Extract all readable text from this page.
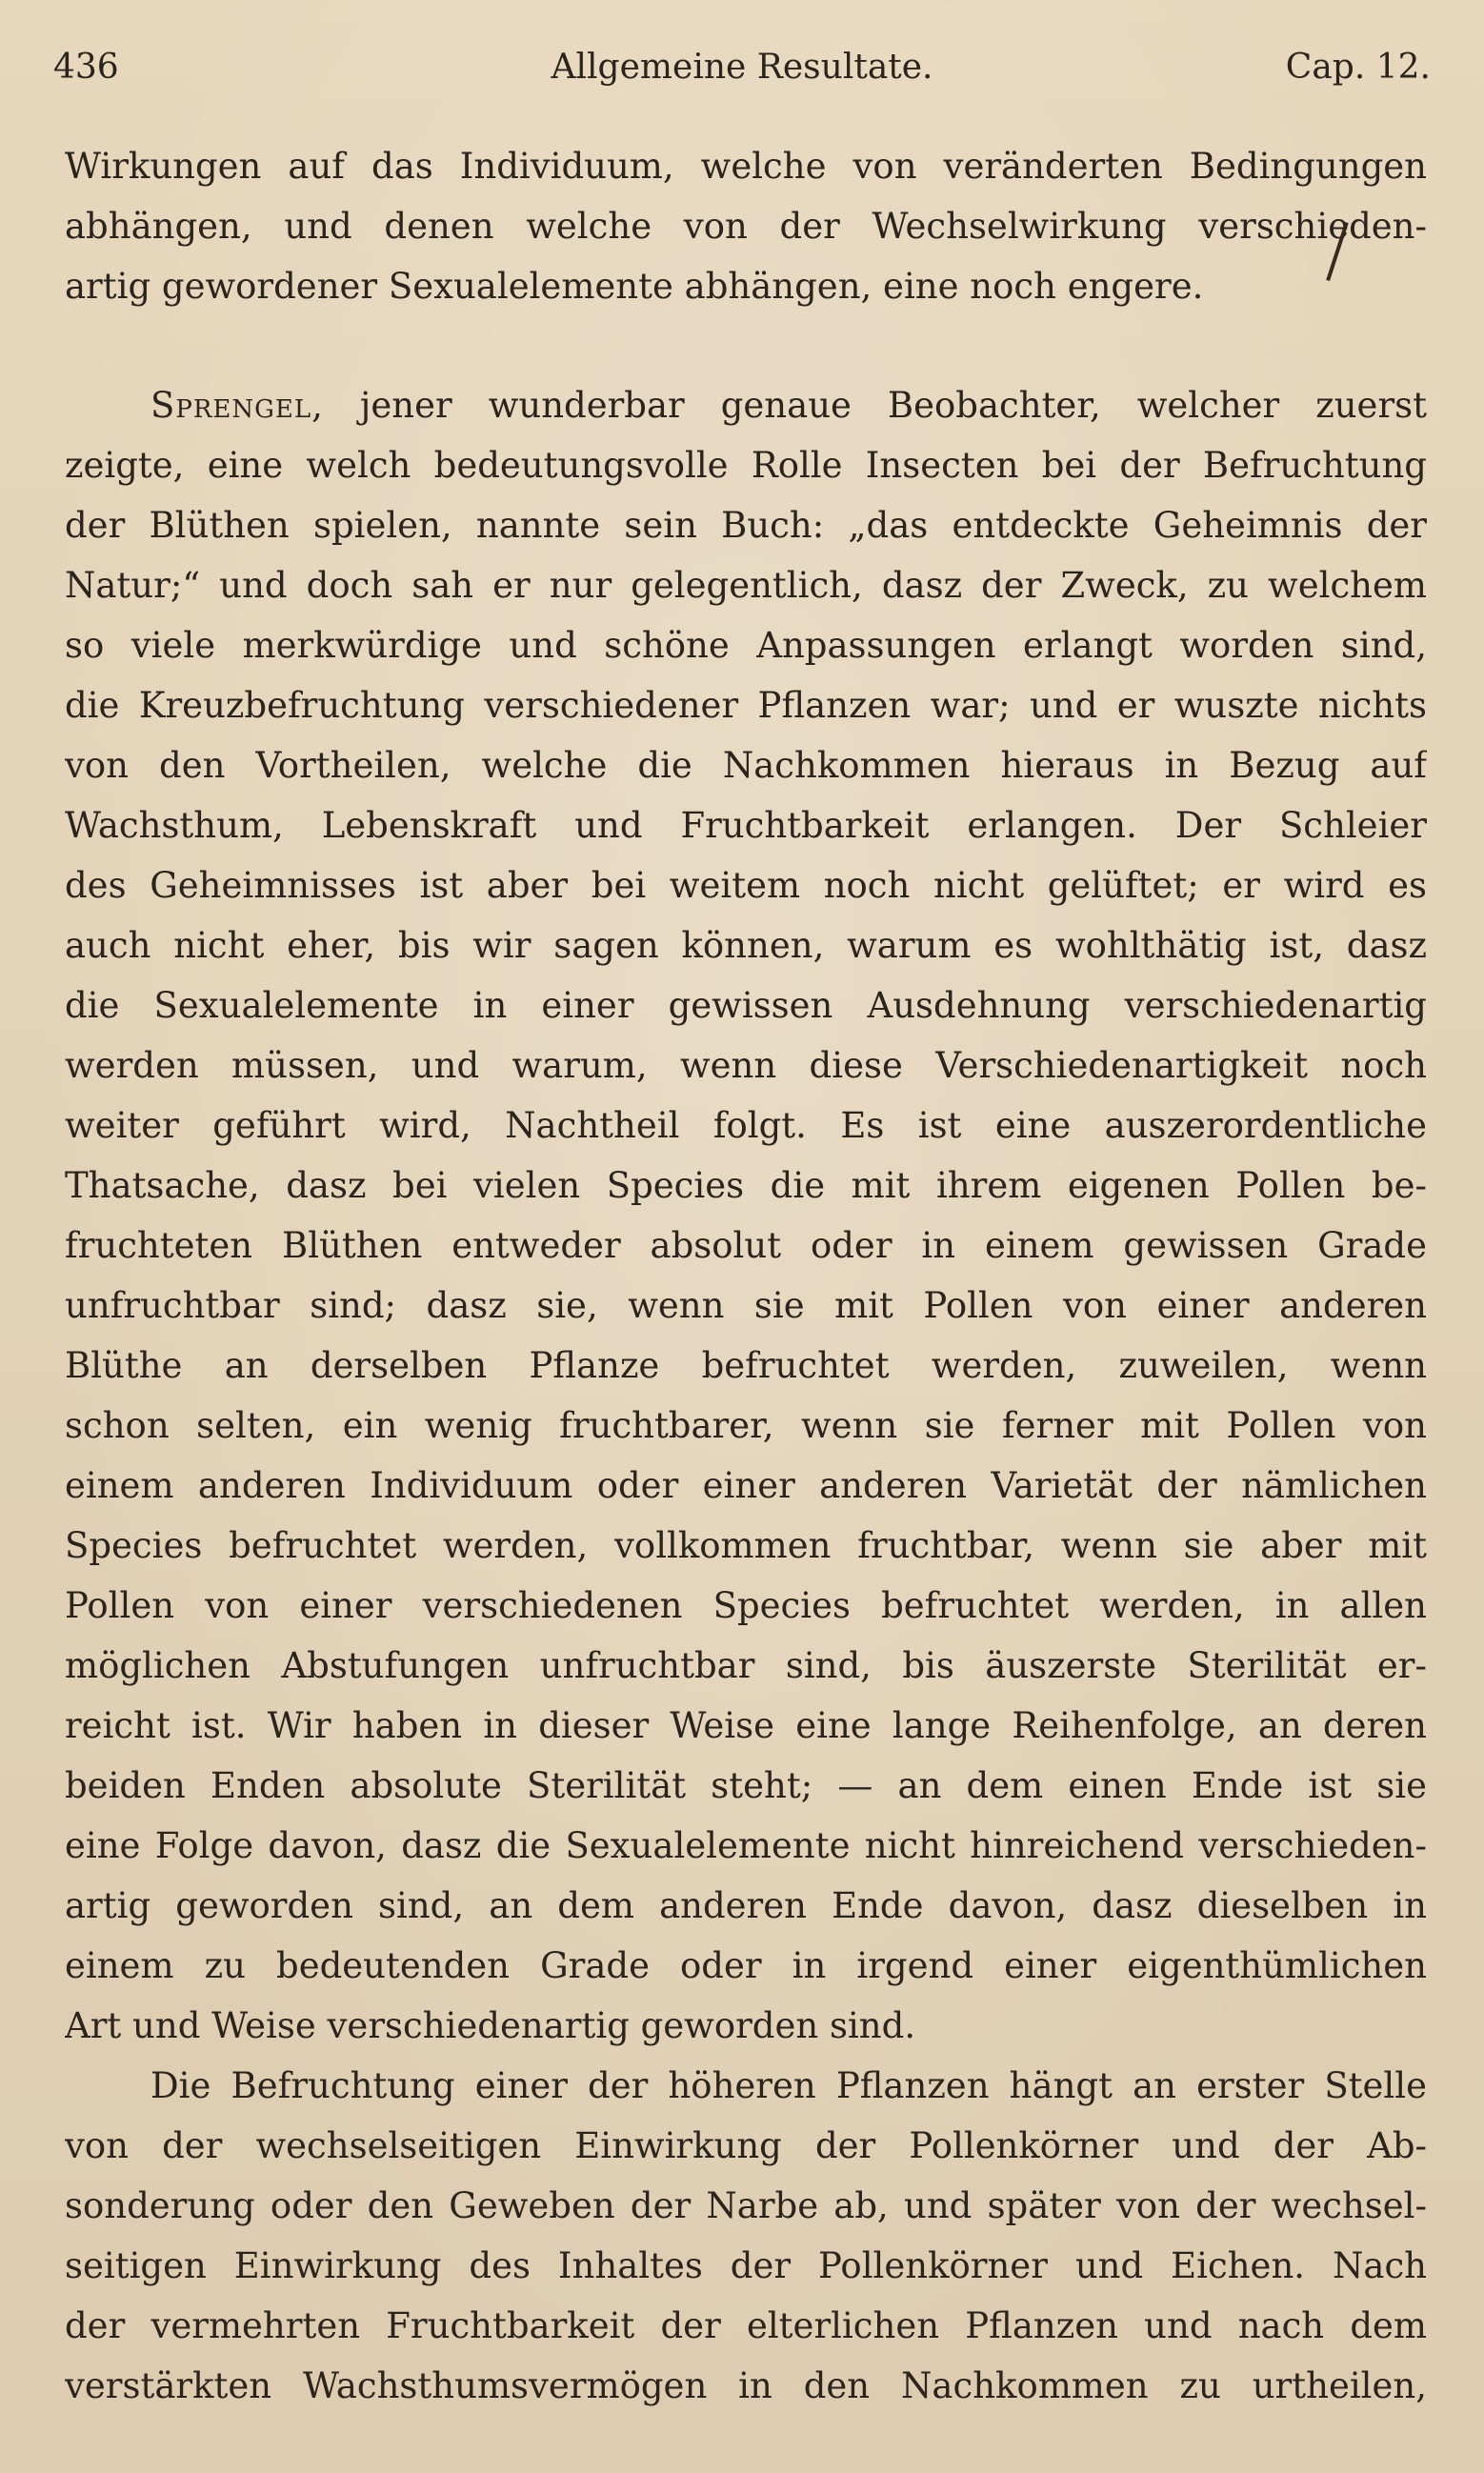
436	Allgemeine Resultate.	Cap. 12.
Wirkungen auf das Individuum, welche von veränderten Bedingungen
abhängen, und denen welche von der Wechselwirkung verschieden-
artig gewordener Sexualelemente abhängen, eine noch engere.
Sprengel, jener wunderbar genaue Beobachter, welcher zuerst
zeigte, eine welch bedeutungsvolle Rolle Insecten bei der Befruchtung
der Blüthen spielen, nannte sein Buch: „das entdeckte Geheimnis der
Natur;“ und doch sah er nur gelegentlich, dasz der Zweck, zu welchem
so viele merkwürdige und schöne Anpassungen erlangt worden sind,
die Kreuzbefruchtung verschiedener Pflanzen war; und er wuszte nichts
von den Vortheilen, welche die Nachkommen hieraus in Bezug auf
Wachsthum, Lebenskraft und Fruchtbarkeit erlangen. Der Schleier
des Geheimnisses ist aber bei weitem noch nicht gelüftet; er wird es
auch nicht eher, bis wir sagen können, warum es wohlthätig ist, dasz
die Sexualelemente in einer gewissen Ausdehnung verschiedenartig
werden müssen, und warum, wenn diese Verschiedenartigkeit noch
weiter geführt wird, Nachtheil folgt. Es ist eine auszerordentliche
Thatsache, dasz bei vielen Species die mit ihrem eigenen Pollen be-
fruchteten Blüthen entweder absolut oder in einem gewissen Grade
unfruchtbar sind; dasz sie, wenn sie mit Pollen von einer anderen
Blüthe an derselben Pflanze befruchtet werden, zuweilen, wenn
schon selten, ein wenig fruchtbarer, wenn sie ferner mit Pollen von
einem anderen Individuum oder einer anderen Varietät der nämlichen
Species befruchtet werden, vollkommen fruchtbar, wenn sie aber mit
Pollen von einer verschiedenen Species befruchtet werden, in allen
möglichen Abstufungen unfruchtbar sind, bis äuszerste Sterilität er-
reicht ist. Wir haben in dieser Weise eine lange Reihenfolge, an deren
beiden Enden absolute Sterilität steht; — an dem einen Ende ist sie
eine Folge davon, dasz die Sexualelemente nicht hinreichend verschieden-
artig geworden sind, an dem anderen Ende davon, dasz dieselben in
einem zu bedeutenden Grade oder in irgend einer eigenthümlichen
Art und Weise verschiedenartig geworden sind.
Die Befruchtung einer der höheren Pflanzen hängt an erster Stelle
von der wechselseitigen Einwirkung der Pollenkörner und der Ab-
sonderung oder den Geweben der Narbe ab, und später von der wechsel-
seitigen Einwirkung des Inhaltes der Pollenkörner und Eichen. Nach
der vermehrten Fruchtbarkeit der elterlichen Pflanzen und nach dem
verstärkten Wachsthumsvermögen in den Nachkommen zu urtheilen,
